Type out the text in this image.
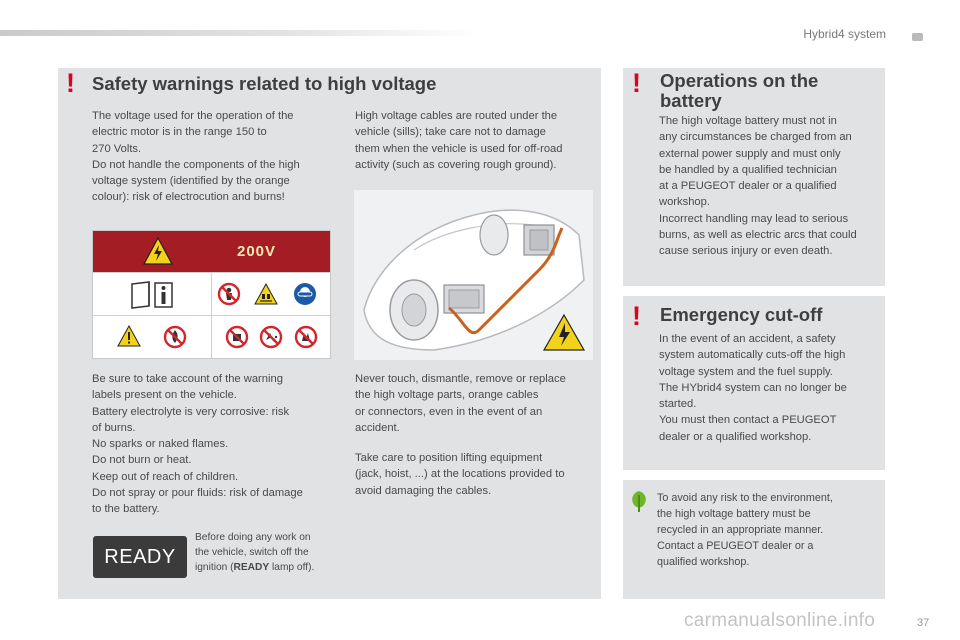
Hybrid4 system
! Safety warnings related to high voltage

The voltage used for the operation of the

electric motor is in the range 150 to

270 Volts.

Do not handle the components of the high

voltage system (identified by the orange

colour): risk of electrocution and burns!

High voltage cables are routed under the

vehicle (sills); take care not to damage

them when the vehicle is used for off-road

activity (such as covering rough ground).

200V

Be sure to take account of the warning

labels present on the vehicle.

Battery electrolyte is very corrosive: risk

of burns.

No sparks or naked flames.

Do not burn or heat.

Keep out of reach of children.

Do not spray or pour fluids: risk of damage

to the battery.

Never touch, dismantle, remove or replace

the high voltage parts, orange cables

or connectors, even in the event of an

accident.

Take care to position lifting equipment

(jack, hoist, ...) at the locations provided to

avoid damaging the cables.

READY

Before doing any work on

the vehicle, switch off the

ignition (READY lamp off).

! Operations on the
battery

The high voltage battery must not in

any circumstances be charged from an

external power supply and must only

be handled by a qualified technician

at a PEUGEOT dealer or a qualified

workshop.

Incorrect handling may lead to serious

burns, as well as electric arcs that could

cause serious injury or even death.

! Emergency cut-off

In the event of an accident, a safety

system automatically cuts-off the high

voltage system and the fuel supply.

The HYbrid4 system can no longer be

started.

You must then contact a PEUGEOT

dealer or a qualified workshop.

To avoid any risk to the environment,

the high voltage battery must be

recycled in an appropriate manner.

Contact a PEUGEOT dealer or a

qualified workshop.

carmanualsonline.info	37
